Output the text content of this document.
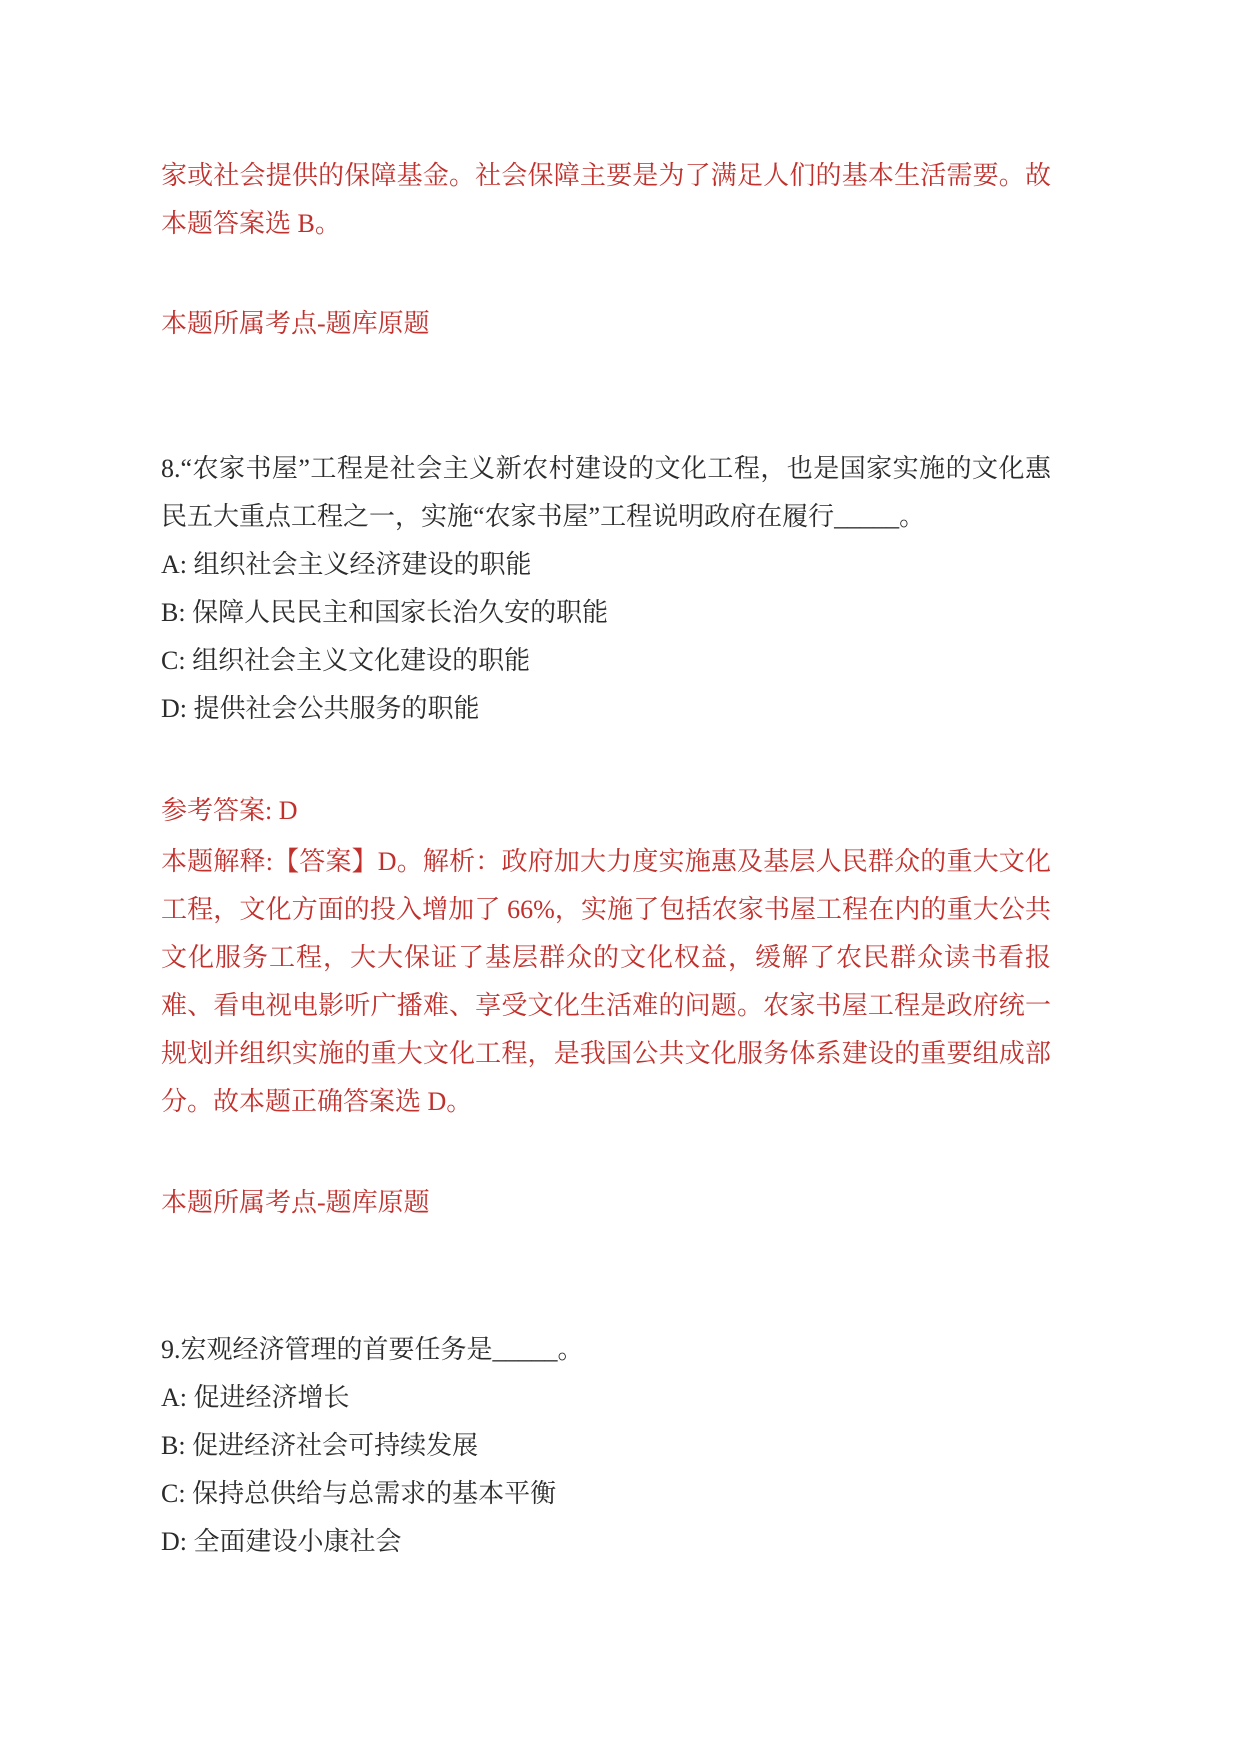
家或社会提供的保障基金。社会保障主要是为了满足人们的基本生活需要。故本题答案选 B。

本题所属考点-题库原题

8.“农家书屋”工程是社会主义新农村建设的文化工程，也是国家实施的文化惠民五大重点工程之一，实施“农家书屋”工程说明政府在履行_____。

A: 组织社会主义经济建设的职能

B: 保障人民民主和国家长治久安的职能

C: 组织社会主义文化建设的职能

D: 提供社会公共服务的职能

参考答案: D

本题解释:【答案】D。解析：政府加大力度实施惠及基层人民群众的重大文化工程，文化方面的投入增加了 66%，实施了包括农家书屋工程在内的重大公共文化服务工程，大大保证了基层群众的文化权益，缓解了农民群众读书看报难、看电视电影听广播难、享受文化生活难的问题。农家书屋工程是政府统一规划并组织实施的重大文化工程，是我国公共文化服务体系建设的重要组成部分。故本题正确答案选 D。

本题所属考点-题库原题

9.宏观经济管理的首要任务是_____。

A: 促进经济增长

B: 促进经济社会可持续发展

C: 保持总供给与总需求的基本平衡

D: 全面建设小康社会
